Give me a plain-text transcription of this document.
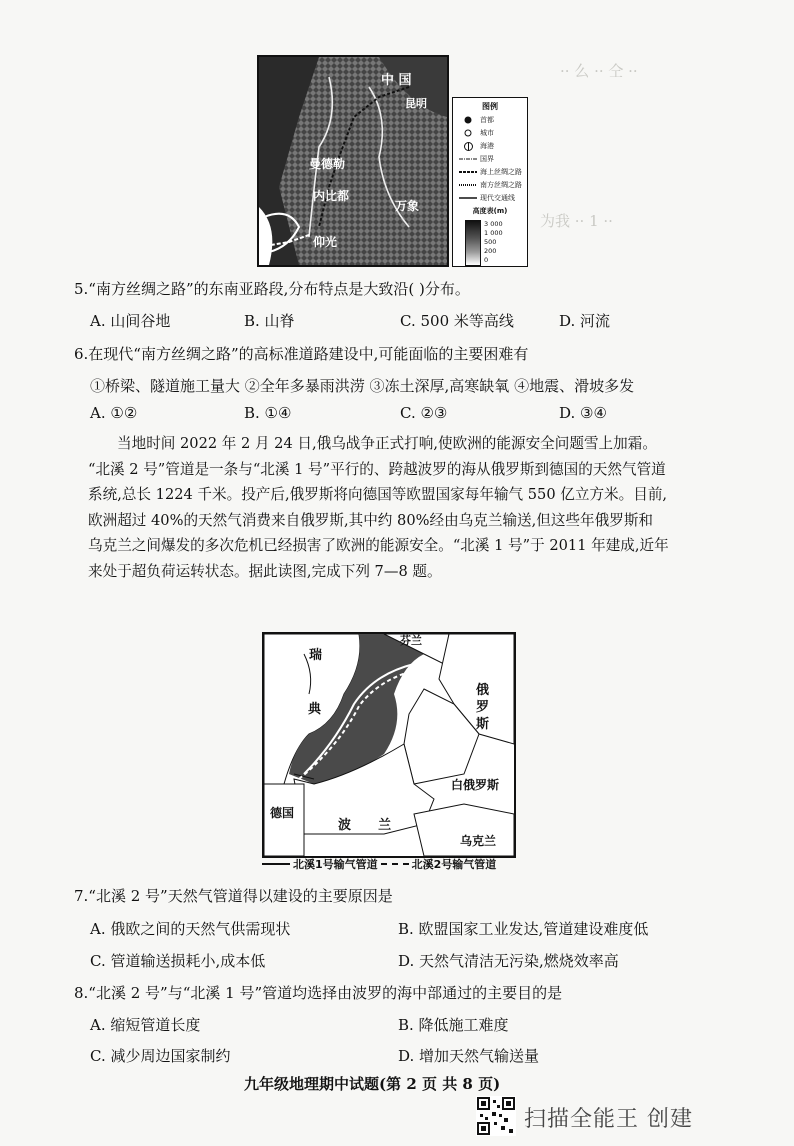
·· 么 ·· 仝 ··
为我 ·· 1 ··
中 国
昆明
曼德勒
内比都
万象
仰光
图例
首都
城市
海港
国界
海上丝绸之路
南方丝绸之路
现代交通线
高度表(m)
3 000
1 000
500
200
0
5.“南方丝绸之路”的东南亚路段,分布特点是大致沿( )分布。
A. 山间谷地	B. 山脊	C. 500 米等高线	D. 河流
6.在现代“南方丝绸之路”的高标准道路建设中,可能面临的主要困难有
①桥梁、隧道施工量大 ②全年多暴雨洪涝 ③冻土深厚,高寒缺氧 ④地震、滑坡多发
A. ①②	B. ①④	C. ②③	D. ③④

当地时间 2022 年 2 月 24 日,俄乌战争正式打响,使欧洲的能源安全问题雪上加霜。

“北溪 2 号”管道是一条与“北溪 1 号”平行的、跨越波罗的海从俄罗斯到德国的天然气管道

系统,总长 1224 千米。投产后,俄罗斯将向德国等欧盟国家每年输气 550 亿立方米。目前,

欧洲超过 40%的天然气消费来自俄罗斯,其中约 80%经由乌克兰输送,但这些年俄罗斯和

乌克兰之间爆发的多次危机已经损害了欧洲的能源安全。“北溪 1 号”于 2011 年建成,近年

来处于超负荷运转状态。据此读图,完成下列 7—8 题。

瑞
典
芬兰
俄
罗
斯
白俄罗斯
德国
波      兰
乌克兰
北溪1号输气管道	北溪2号输气管道
7.“北溪 2 号”天然气管道得以建设的主要原因是
A. 俄欧之间的天然气供需现状	B. 欧盟国家工业发达,管道建设难度低
C. 管道输送损耗小,成本低	D. 天然气清洁无污染,燃烧效率高
8.“北溪 2 号”与“北溪 1 号”管道均选择由波罗的海中部通过的主要目的是
A. 缩短管道长度	B. 降低施工难度
C. 减少周边国家制约	D. 增加天然气输送量
九年级地理期中试题(第 2 页 共 8 页)
扫描全能王 创建
